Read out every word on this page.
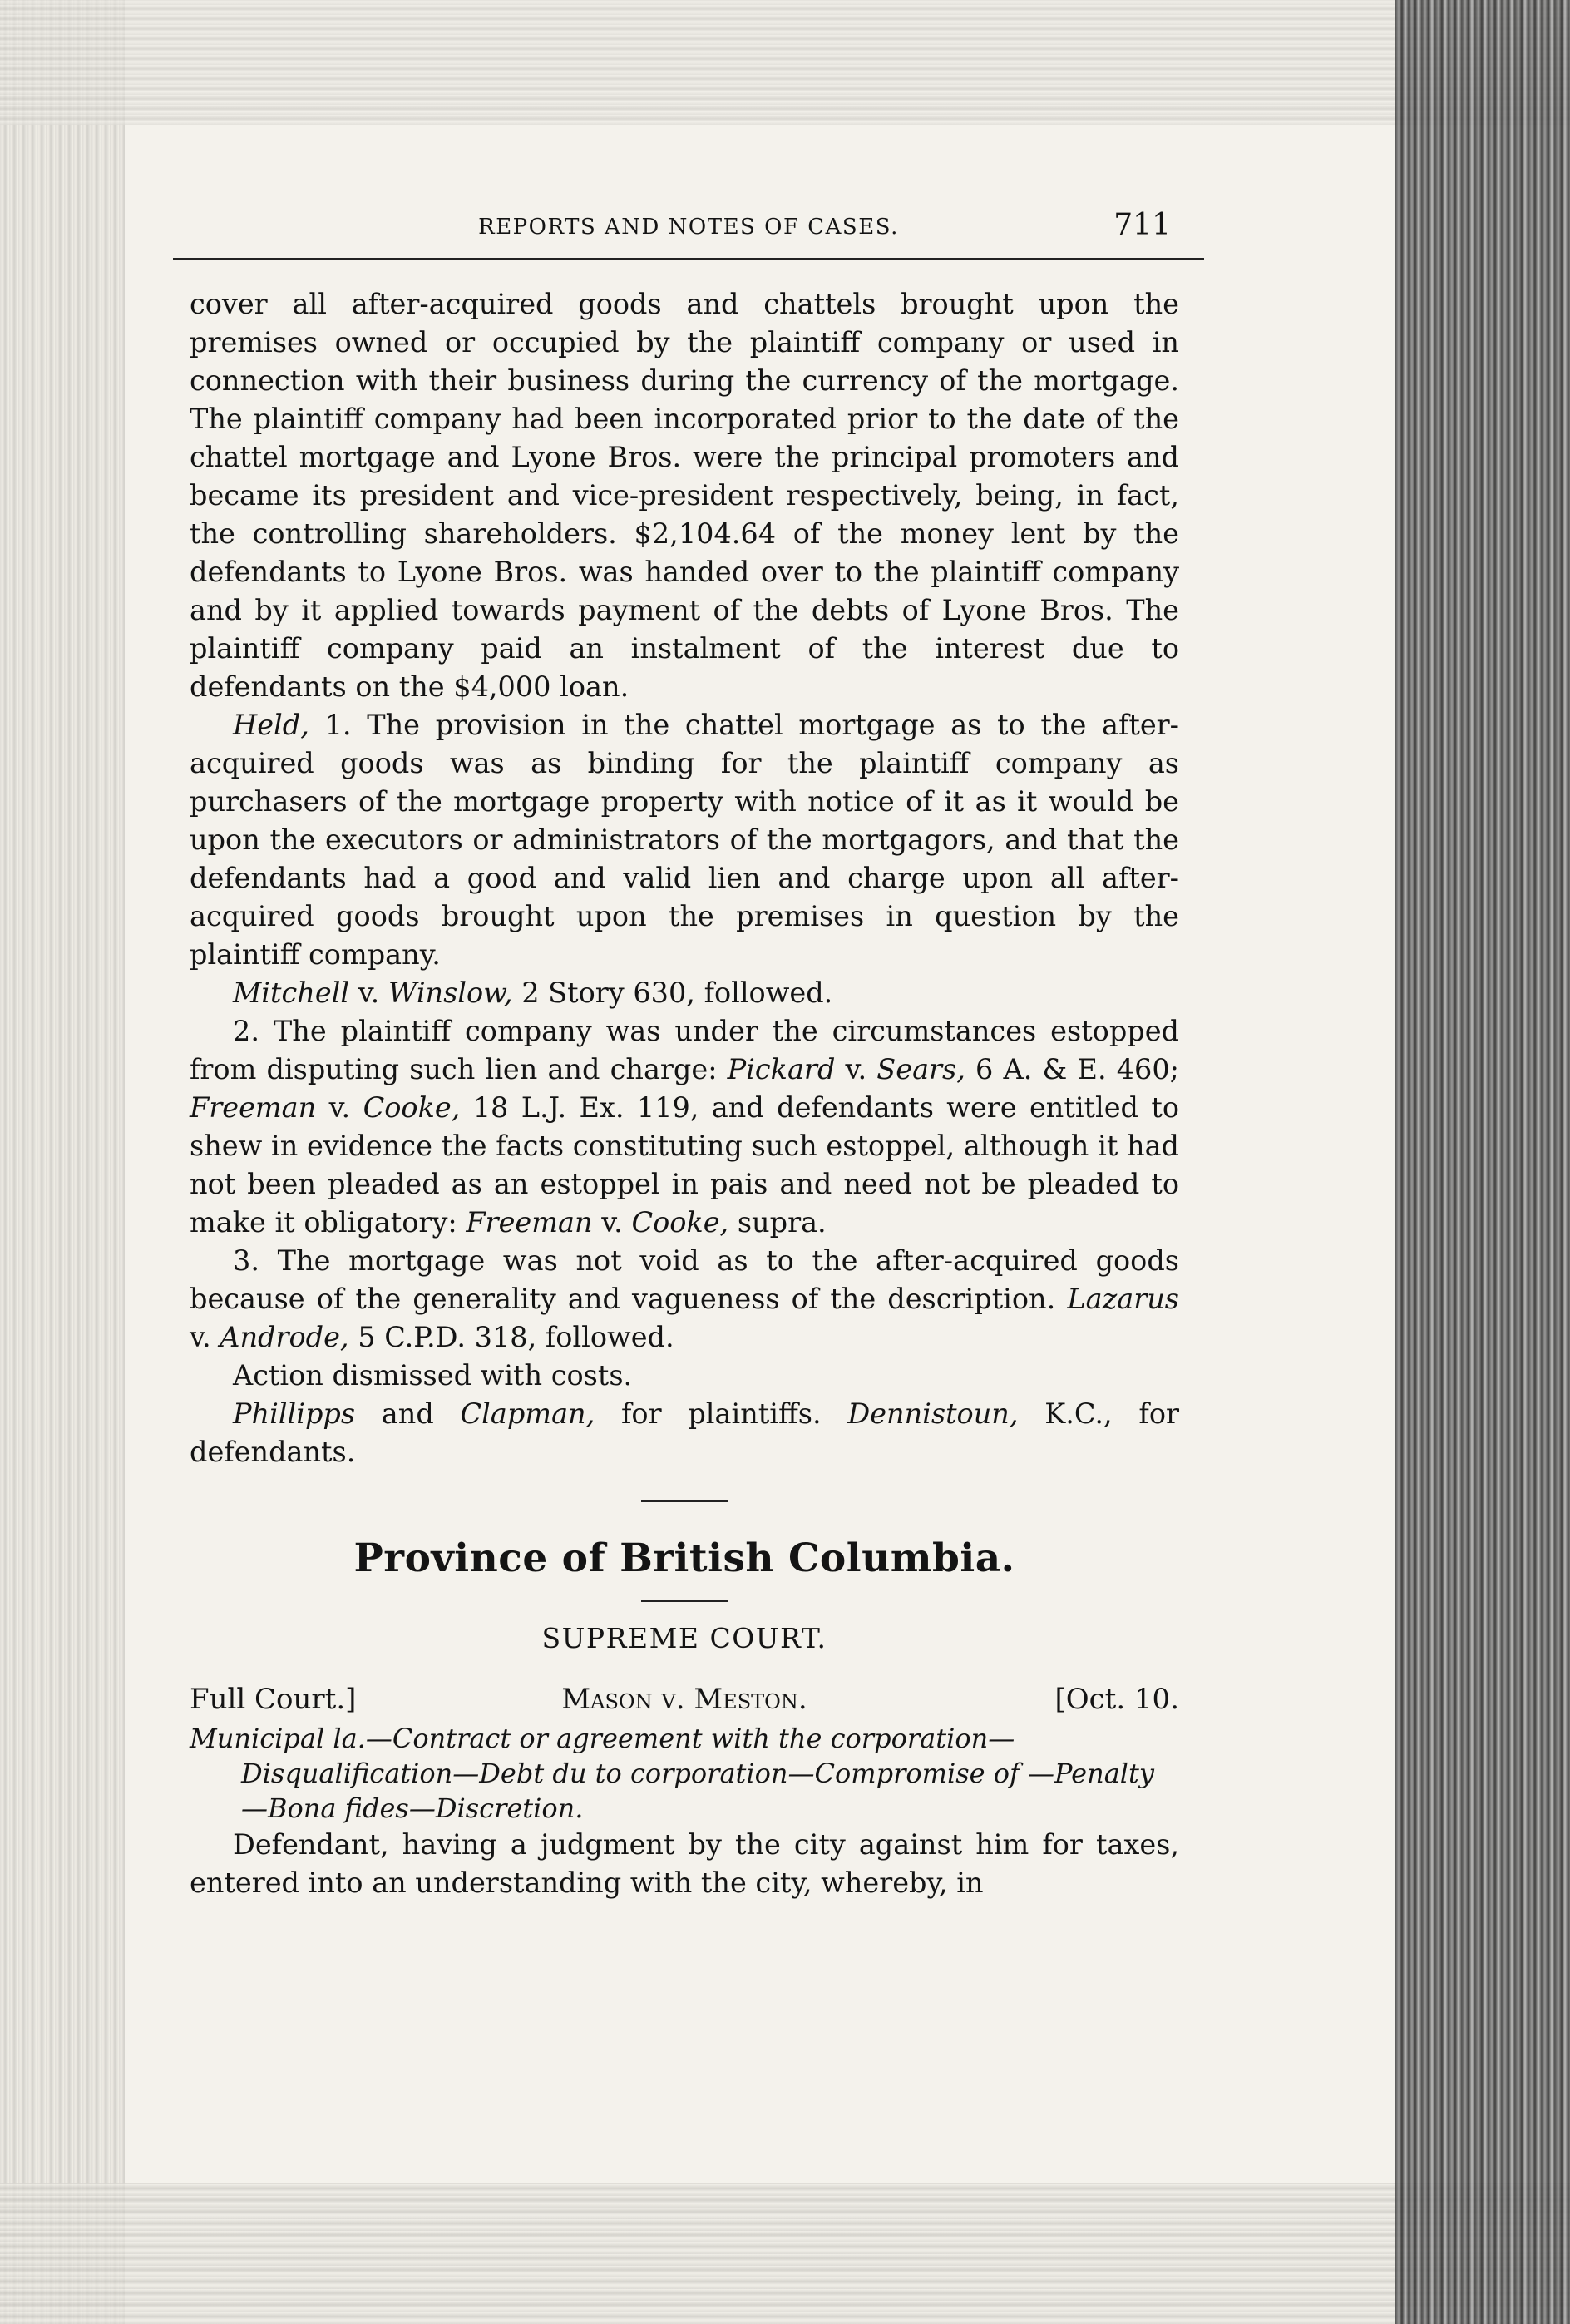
REPORTS AND NOTES OF CASES.	711

cover all after-acquired goods and chattels brought upon the premises owned or occupied by the plaintiff company or used in connection with their business during the currency of the mortgage. The plaintiff company had been incorporated prior to the date of the chattel mortgage and Lyone Bros. were the principal promoters and became its president and vice-president respectively, being, in fact, the controlling shareholders. $2,104.64 of the money lent by the defendants to Lyone Bros. was handed over to the plaintiff company and by it applied towards payment of the debts of Lyone Bros. The plaintiff company paid an instalment of the interest due to defendants on the $4,000 loan.

Held, 1. The provision in the chattel mortgage as to the after-acquired goods was as binding for the plaintiff company as purchasers of the mortgage property with notice of it as it would be upon the executors or administrators of the mortgagors, and that the defendants had a good and valid lien and charge upon all after-acquired goods brought upon the premises in question by the plaintiff company.

Mitchell v. Winslow, 2 Story 630, followed.

2. The plaintiff company was under the circumstances estopped from disputing such lien and charge: Pickard v. Sears, 6 A. & E. 460; Freeman v. Cooke, 18 L.J. Ex. 119, and defendants were entitled to shew in evidence the facts constituting such estoppel, although it had not been pleaded as an estoppel in pais and need not be pleaded to make it obligatory: Freeman v. Cooke, supra.

3. The mortgage was not void as to the after-acquired goods because of the generality and vagueness of the description. Lazarus v. Androde, 5 C.P.D. 318, followed.

Action dismissed with costs.

Phillipps and Clapman, for plaintiffs. Dennistoun, K.C., for defendants.

Province of British Columbia.
SUPREME COURT.
Full Court.]	Mason v. Meston.	[Oct. 10.
Municipal la.—Contract or agreement with the corporation—Disqualification—Debt du to corporation—Compromise of —Penalty—Bona fides—Discretion.

Defendant, having a judgment by the city against him for taxes, entered into an understanding with the city, whereby, in
